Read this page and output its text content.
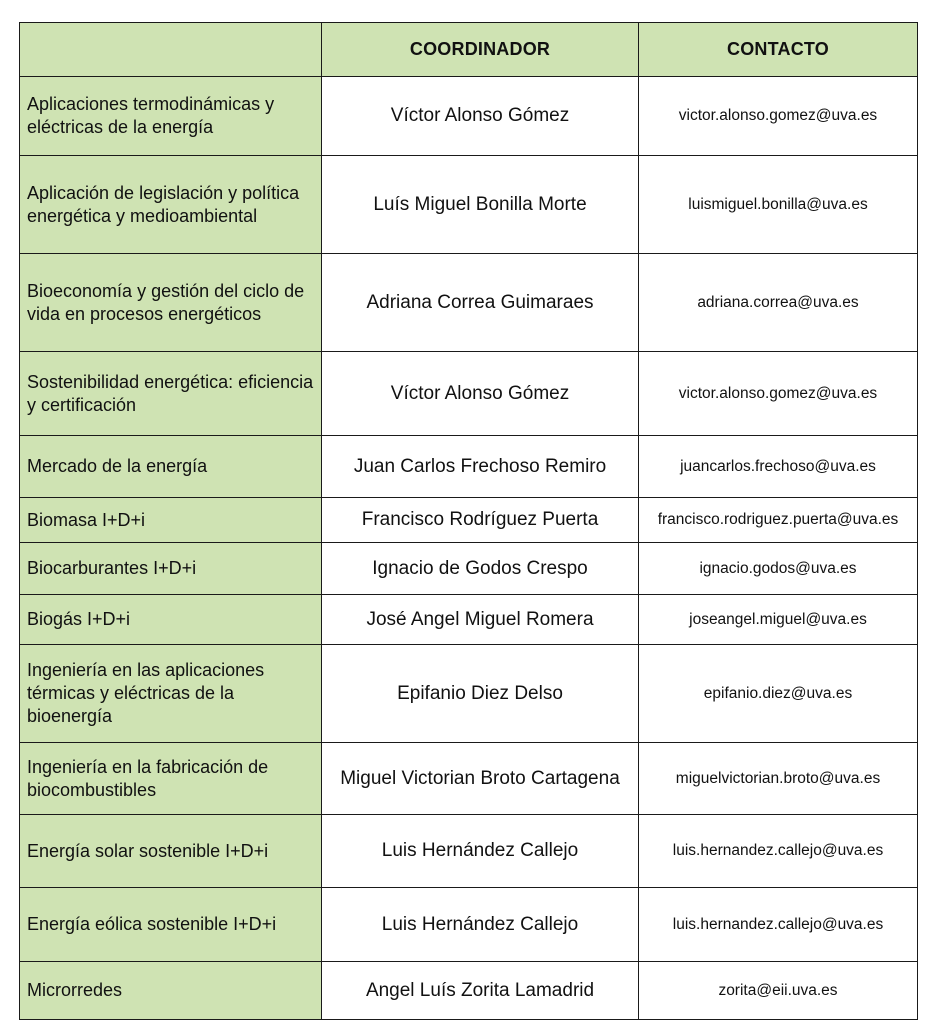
	COORDINADOR	CONTACTO
Aplicaciones termodinámicas y eléctricas de la energía	Víctor Alonso Gómez	victor.alonso.gomez@uva.es
Aplicación de legislación y política energética y medioambiental	Luís Miguel Bonilla Morte	luismiguel.bonilla@uva.es
Bioeconomía y gestión del ciclo de vida en procesos energéticos	Adriana Correa Guimaraes	adriana.correa@uva.es
Sostenibilidad energética: eficiencia y certificación	Víctor Alonso Gómez	victor.alonso.gomez@uva.es
Mercado de la energía	Juan Carlos Frechoso Remiro	juancarlos.frechoso@uva.es
Biomasa I+D+i	Francisco Rodríguez Puerta	francisco.rodriguez.puerta@uva.es
Biocarburantes I+D+i	Ignacio de Godos Crespo	ignacio.godos@uva.es
Biogás I+D+i	José Angel Miguel Romera	joseangel.miguel@uva.es
Ingeniería en las aplicaciones térmicas y eléctricas de la bioenergía	Epifanio Diez Delso	epifanio.diez@uva.es
Ingeniería en la fabricación de biocombustibles	Miguel Victorian Broto Cartagena	miguelvictorian.broto@uva.es
Energía solar sostenible I+D+i	Luis Hernández Callejo	luis.hernandez.callejo@uva.es
Energía eólica sostenible I+D+i	Luis Hernández Callejo	luis.hernandez.callejo@uva.es
Microrredes	Angel Luís Zorita Lamadrid	zorita@eii.uva.es
